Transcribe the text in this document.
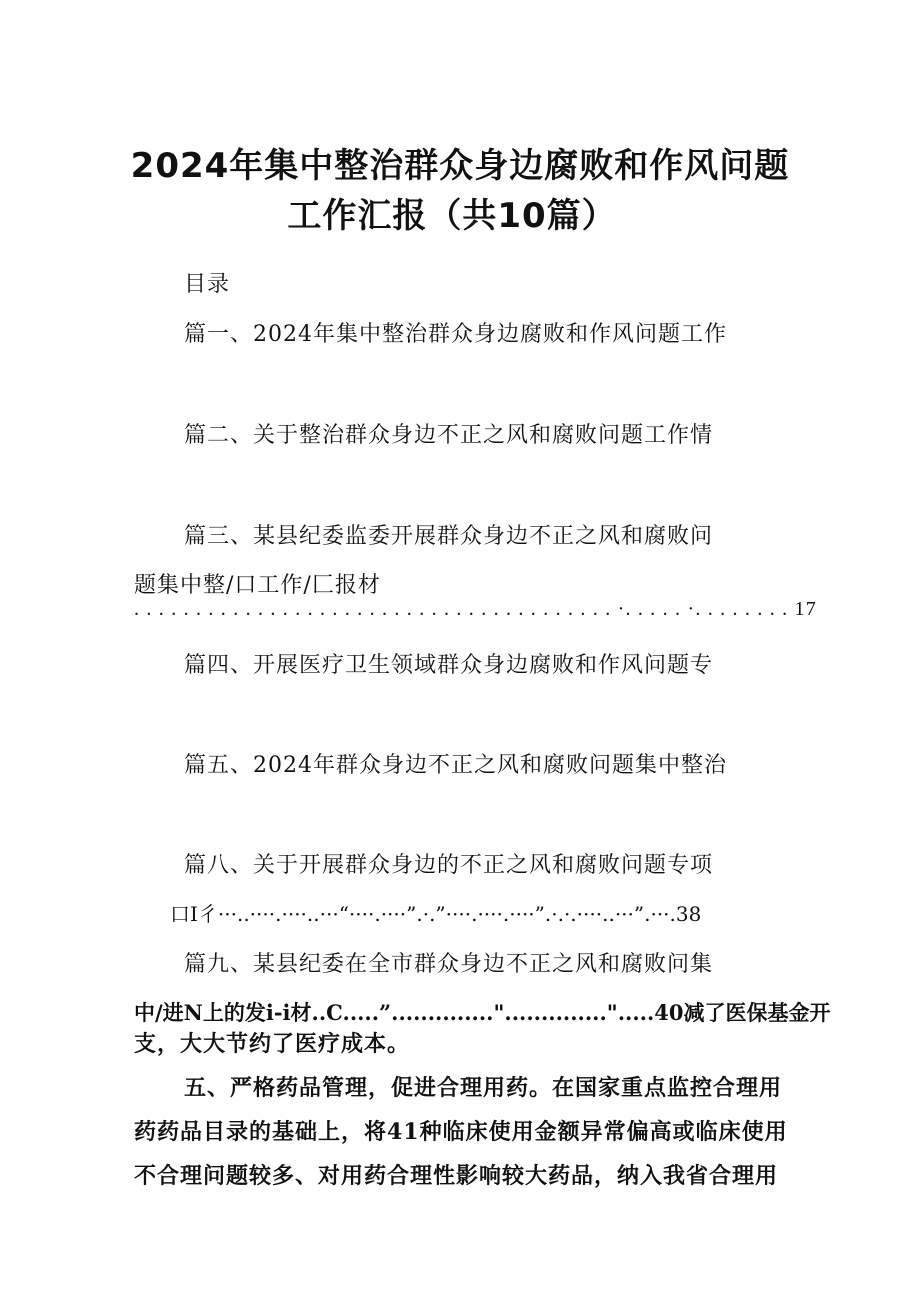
2024年集中整治群众身边腐败和作风问题
工作汇报（共10篇）
目录
篇一、2024年集中整治群众身边腐败和作风问题工作
篇二、关于整治群众身边不正之风和腐败问题工作情
篇三、某县纪委监委开展群众身边不正之风和腐败问
题集中整/口工作/匚报材
. . . . . . . . . . . . . . . . . . . . . . . . . . . . . . . . . . . . . . . ·. . . . . ·. . . . . . . . 17
篇四、开展医疗卫生领域群众身边腐败和作风问题专
篇五、2024年群众身边不正之风和腐败问题集中整治
篇八、关于开展群众身边的不正之风和腐败问题专项
口I彳···..····.····..···“····.····”.·.”····.····.····”.·.·.····..···”.···.38
篇九、某县纪委在全市群众身边不正之风和腐败问集
中/进N上的发i-i材..C.....”.............."..............".....40减了医保基金开
支，大大节约了医疗成本。
五、严格药品管理，促进合理用药。在国家重点监控合理用
药药品目录的基础上，将41种临床使用金额异常偏高或临床使用
不合理问题较多、对用药合理性影响较大药品，纳入我省合理用
